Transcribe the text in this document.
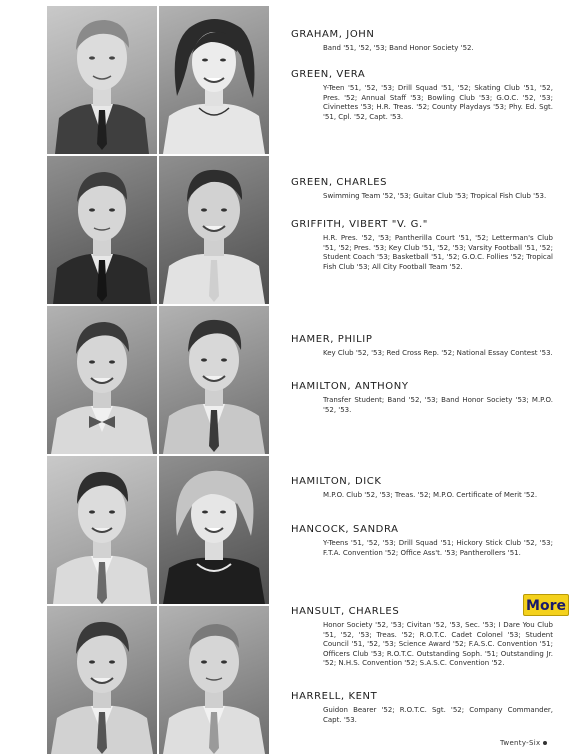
GRAHAM, JOHN
Band '51, '52, '53; Band Honor Society '52.
GREEN, VERA
Y-Teen '51, '52, '53; Drill Squad '51, '52; Skating Club '51, '52, Pres. '52; Annual Staff '53; Bowling Club '53; G.O.C. '52, '53; Civinettes '53; H.R. Treas. '52; County Playdays '53; Phy. Ed. Sgt. '51, Cpl. '52, Capt. '53.
GREEN, CHARLES
Swimming Team '52, '53; Guitar Club '53; Tropical Fish Club '53.
GRIFFITH, VIBERT "V. G."
H.R. Pres. '52, '53; Pantherilla Court '51, '52; Letterman's Club '51, '52; Pres. '53; Key Club '51, '52, '53; Varsity Football '51, '52; Student Coach '53; Basketball '51, '52; G.O.C. Follies '52; Tropical Fish Club '53; All City Football Team '52.
HAMER, PHILIP
Key Club '52, '53; Red Cross Rep. '52; National Essay Contest '53.
HAMILTON, ANTHONY
Transfer Student; Band '52, '53; Band Honor Society '53; M.P.O. '52, '53.
HAMILTON, DICK
M.P.O. Club '52, '53; Treas. '52; M.P.O. Certificate of Merit '52.
HANCOCK, SANDRA
Y-Teens '51, '52, '53; Drill Squad '51; Hickory Stick Club '52, '53; F.T.A. Convention '52; Office Ass't. '53; Pantherollers '51.
HANSULT, CHARLES
Honor Society '52, '53; Civitan '52, '53, Sec. '53; I Dare You Club '51, '52, '53; Treas. '52; R.O.T.C. Cadet Colonel '53; Student Council '51, '52, '53; Science Award '52; F.A.S.C. Convention '51; Officers Club '53; R.O.T.C. Outstanding Soph. '51; Outstanding Jr. '52; N.H.S. Convention '52; S.A.S.C. Convention '52.
HARRELL, KENT
Guidon Bearer '52; R.O.T.C. Sgt. '52; Company Commander, Capt. '53.
More
Twenty-Six
